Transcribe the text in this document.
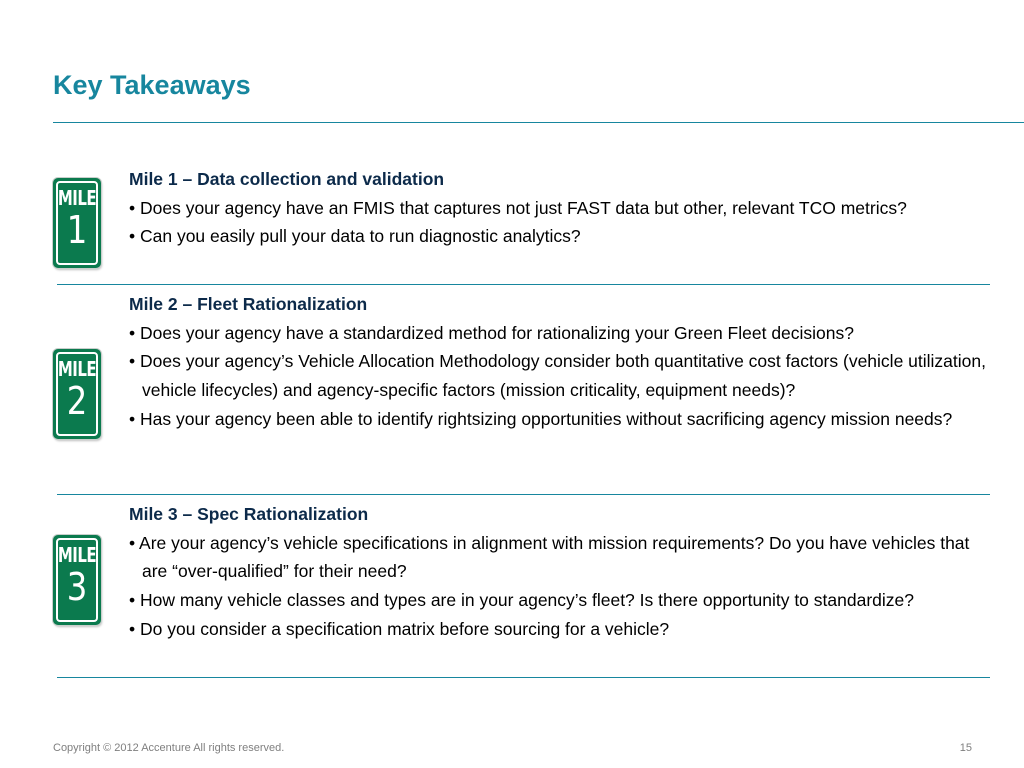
Key Takeaways
MILE
1
Mile 1 – Data collection and validation
• Does your agency have an FMIS that captures not just FAST data but other, relevant TCO metrics?
• Can you easily pull your data to run diagnostic analytics?
MILE
2
Mile 2 – Fleet Rationalization
• Does your agency have a standardized method for rationalizing your Green Fleet decisions?
• Does your agency’s Vehicle Allocation Methodology consider both quantitative cost factors (vehicle utilization, vehicle lifecycles) and agency-specific factors (mission criticality, equipment needs)?
• Has your agency been able to identify rightsizing opportunities without sacrificing agency mission needs?
MILE
3
Mile 3 – Spec Rationalization
• Are your agency’s vehicle specifications in alignment with mission requirements? Do you have vehicles that are “over-qualified” for their need?
• How many vehicle classes and types are in your agency’s fleet? Is there opportunity to standardize?
• Do you consider a specification matrix before sourcing for a vehicle?
Copyright © 2012 Accenture All rights reserved.	15
